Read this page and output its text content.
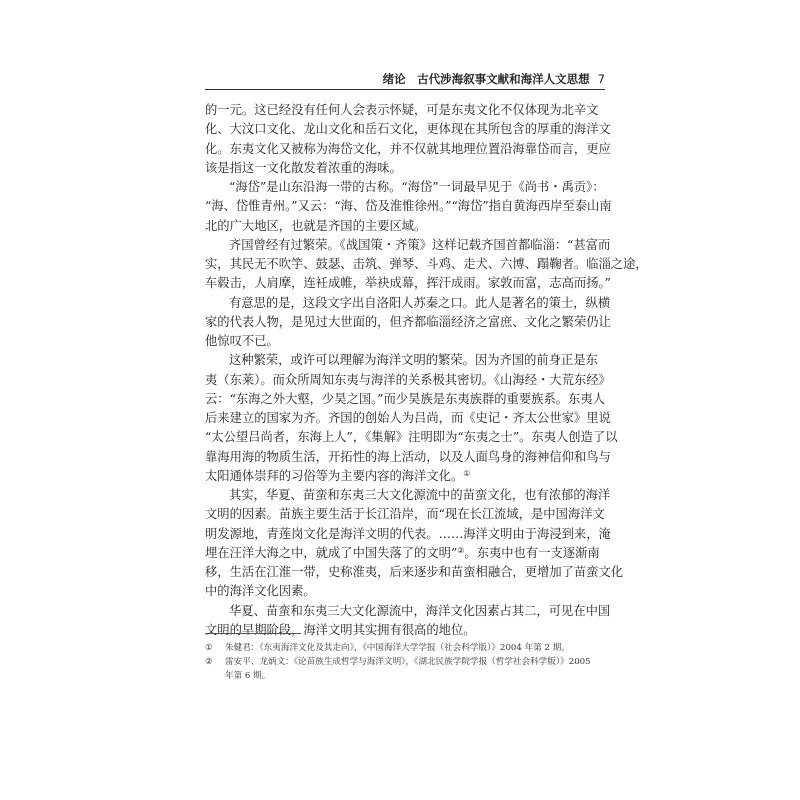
绪论　古代涉海叙事文献和海洋人文思想 7
的一元。这已经没有任何人会表示怀疑，可是东夷文化不仅体现为北辛文
化、大汶口文化、龙山文化和岳石文化，更体现在其所包含的厚重的海洋文
化。东夷文化又被称为海岱文化，并不仅就其地理位置沿海靠岱而言，更应
该是指这一文化散发着浓重的海味。
“海岱”是山东沿海一带的古称。“海岱”一词最早见于《尚书・禹贡》：
“海、岱惟青州。”又云：“海、岱及淮惟徐州。”“海岱”指自黄海西岸至泰山南
北的广大地区，也就是齐国的主要区域。
齐国曾经有过繁荣。《战国策・齐策》这样记载齐国首都临淄：“甚富而
实，其民无不吹竽、鼓瑟、击筑、弹琴、斗鸡、走犬、六博、蹋鞠者。临淄之途，
车毂击，人肩摩，连衽成帷，举袂成幕，挥汗成雨。家敦而富，志高而扬。”
有意思的是，这段文字出自洛阳人苏秦之口。此人是著名的策士，纵横
家的代表人物，是见过大世面的，但齐都临淄经济之富庶、文化之繁荣仍让
他惊叹不已。
这种繁荣，或许可以理解为海洋文明的繁荣。因为齐国的前身正是东
夷（东莱）。而众所周知东夷与海洋的关系极其密切。《山海经・大荒东经》
云：“东海之外大壑，少昊之国。”而少昊族是东夷族群的重要族系。东夷人
后来建立的国家为齐。齐国的创始人为吕尚，而《史记・齐太公世家》里说
“太公望吕尚者，东海上人”，《集解》注明即为“东夷之士”。东夷人创造了以
靠海用海的物质生活，开拓性的海上活动，以及人面鸟身的海神信仰和鸟与
太阳通体崇拜的习俗等为主要内容的海洋文化。①
其实，华夏、苗蛮和东夷三大文化源流中的苗蛮文化，也有浓郁的海洋
文明的因素。苗族主要生活于长江沿岸，而“现在长江流域，是中国海洋文
明发源地，青莲岗文化是海洋文明的代表。……海洋文明由于海浸到来，淹
埋在汪洋大海之中，就成了中国失落了的文明”②。东夷中也有一支逐渐南
移，生活在江淮一带，史称淮夷，后来逐步和苗蛮相融合，更增加了苗蛮文化
中的海洋文化因素。
华夏、苗蛮和东夷三大文化源流中，海洋文化因素占其二，可见在中国
文明的早期阶段，海洋文明其实拥有很高的地位。
① 朱健君：《东夷海洋文化及其走向》，《中国海洋大学学报（社会科学版）》2004 年第 2 期。
② 雷安平、龙炳文：《论苗族生成哲学与海洋文明》，《湖北民族学院学报（哲学社会科学版）》2005
年第 6 期。
